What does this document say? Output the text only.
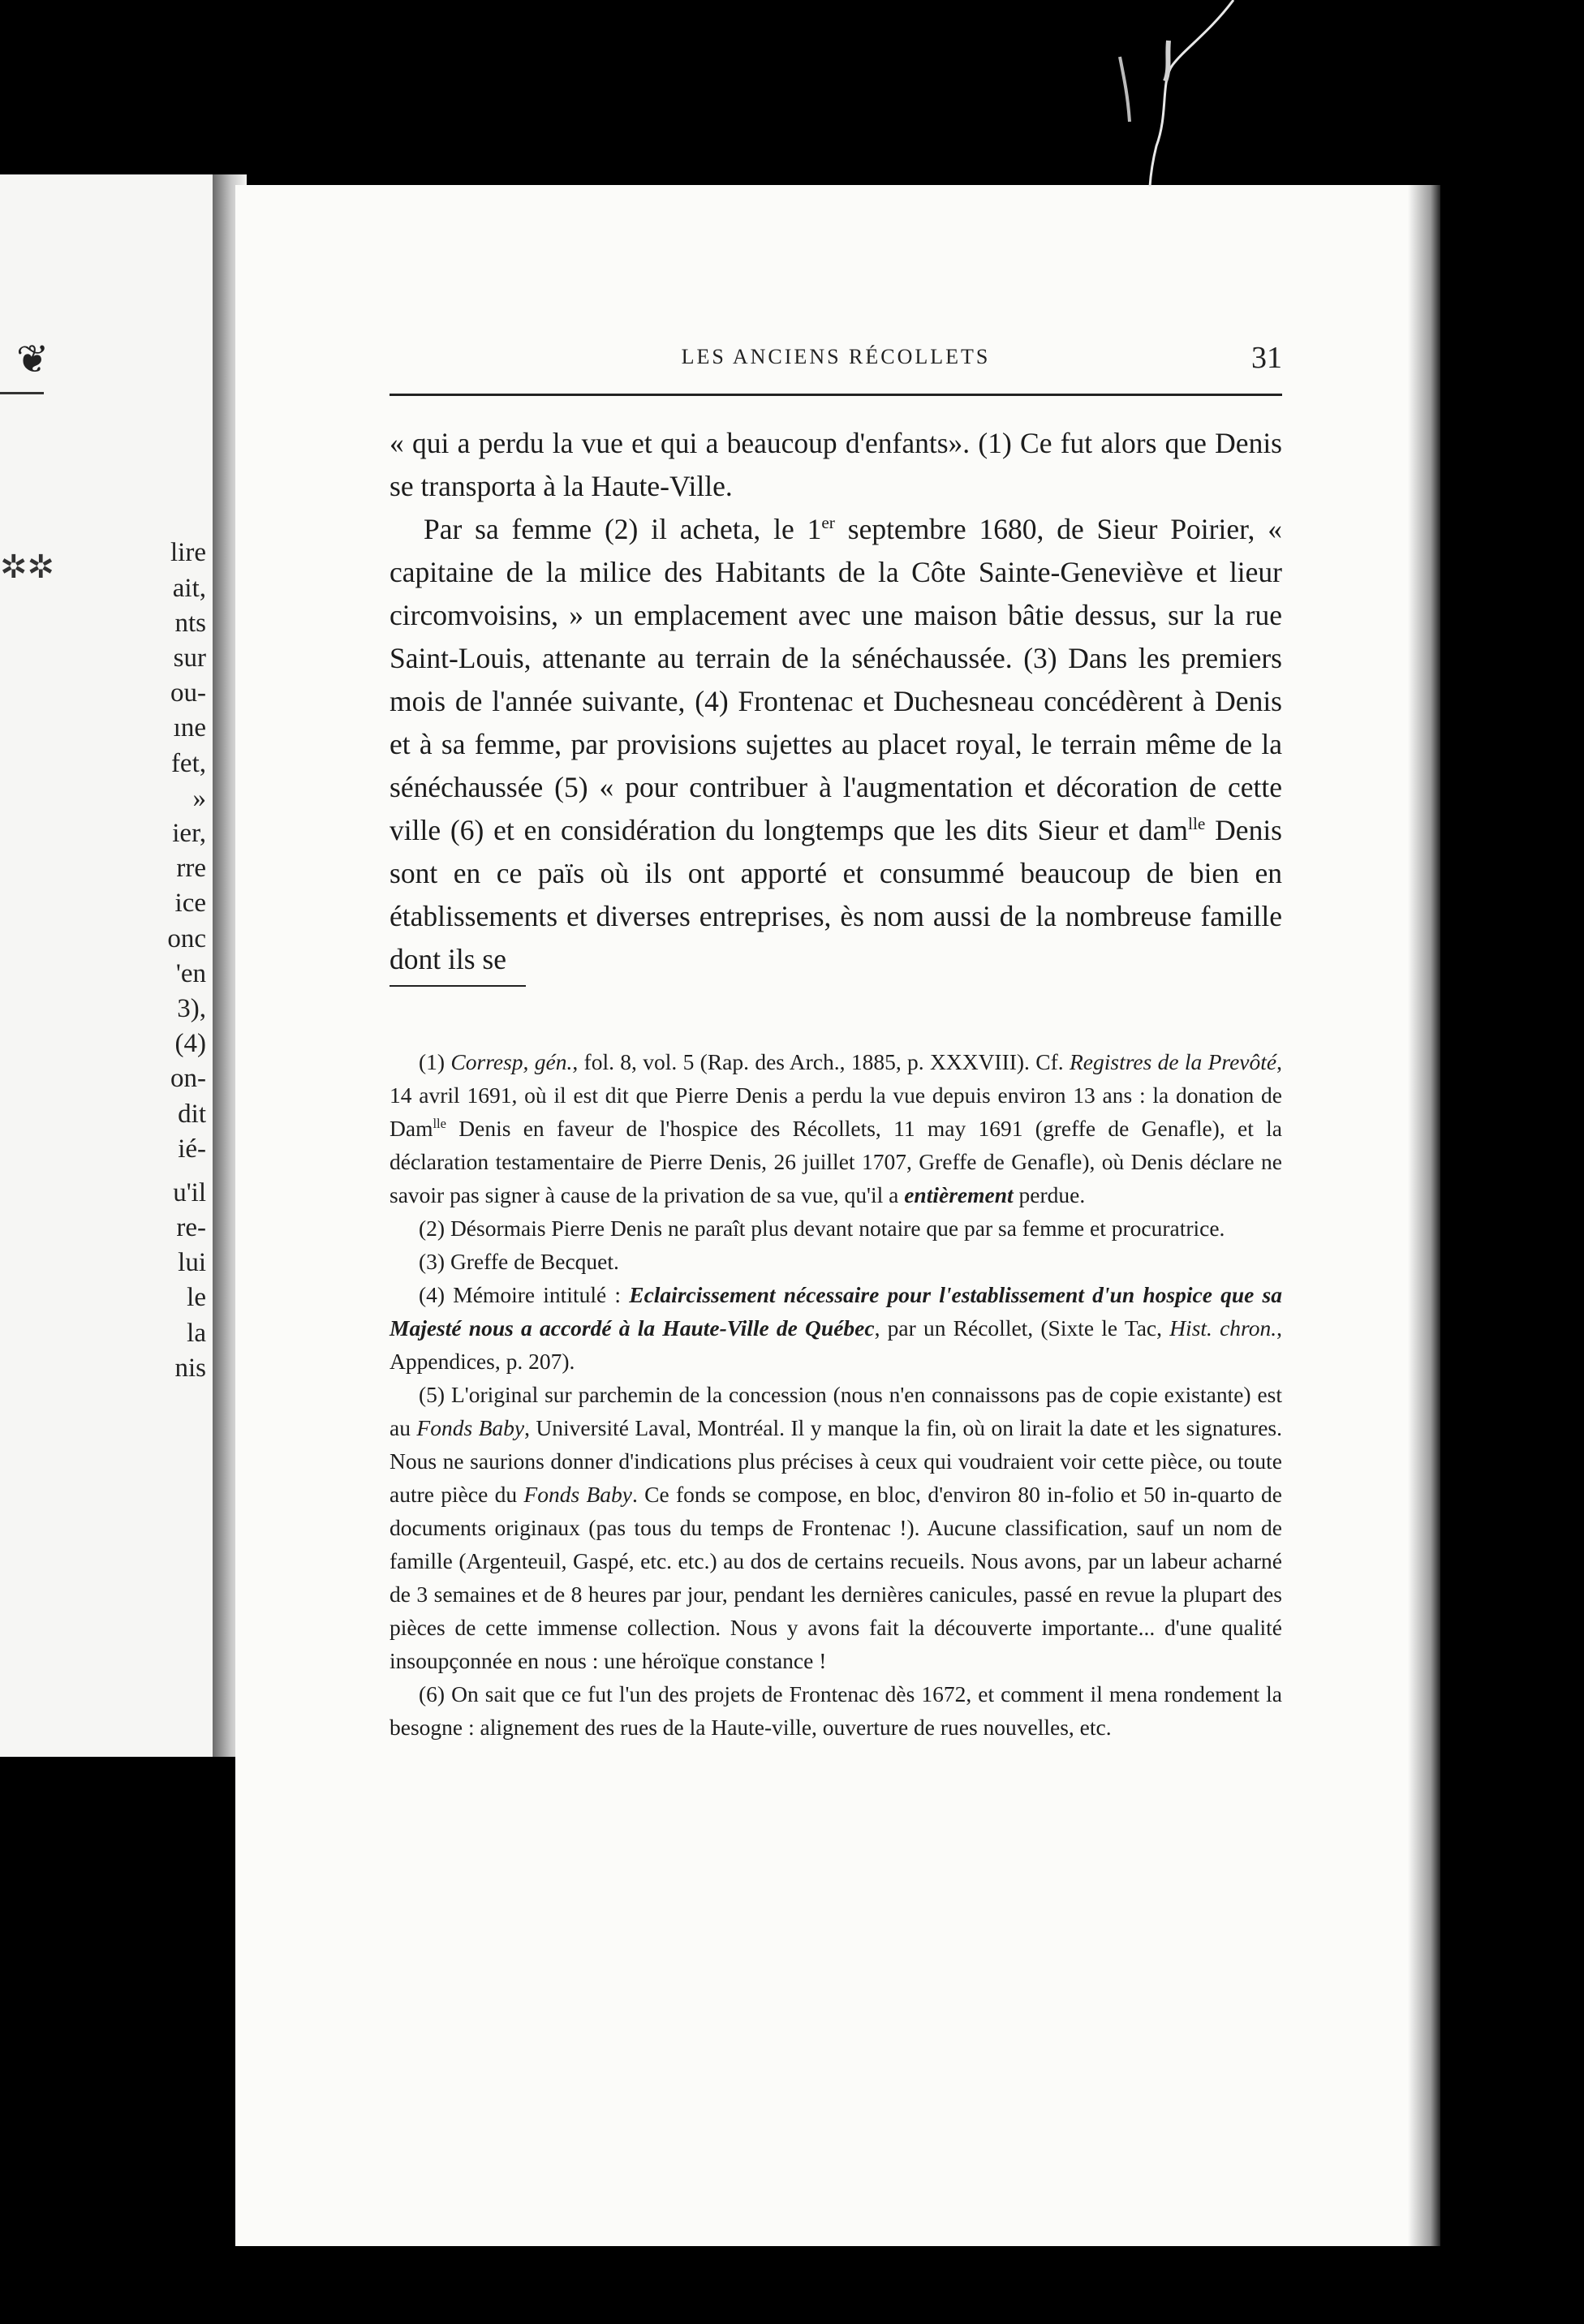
❦
✲✲	lire
ait,
nts
sur
ou-
ıne
fet,
»
ier,
rre
ice
onc
'en
3),
(4)
on-
dit
ié-
u'il
re-
lui
le
la
nis
LES ANCIENS RÉCOLLETS	31

« qui a perdu la vue et qui a beaucoup d'enfants». (1) Ce fut alors que Denis se transporta à la Haute-Ville.

Par sa femme (2) il acheta, le 1er septembre 1680, de Sieur Poirier, « capitaine de la milice des Habitants de la Côte Sainte-Geneviève et lieur circomvoisins, » un emplacement avec une maison bâtie dessus, sur la rue Saint-Louis, attenante au terrain de la sénéchaussée. (3) Dans les premiers mois de l'année suivante, (4) Frontenac et Duchesneau concédèrent à Denis et à sa femme, par provisions sujettes au placet royal, le terrain même de la sénéchaussée (5) « pour contribuer à l'augmentation et décoration de cette ville (6) et en considération du longtemps que les dits Sieur et dam$^{lle}$ Denis sont en ce païs où ils ont apporté et consummé beaucoup de bien en établissements et diverses entreprises, ès nom aussi de la nombreuse famille dont ils se

(1) Corresp, gén., fol. 8, vol. 5 (Rap. des Arch., 1885, p. XXXVIII). Cf. Registres de la Prevôté, 14 avril 1691, où il est dit que Pierre Denis a perdu la vue depuis environ 13 ans : la donation de Dam$^{lle}$ Denis en faveur de l'hospice des Récollets, 11 may 1691 (greffe de Genafle), et la déclaration testamentaire de Pierre Denis, 26 juillet 1707, Greffe de Genafle), où Denis déclare ne savoir pas signer à cause de la privation de sa vue, qu'il a entièrement perdue.

(2) Désormais Pierre Denis ne paraît plus devant notaire que par sa femme et procuratrice.

(3) Greffe de Becquet.

(4) Mémoire intitulé : Eclaircissement nécessaire pour l'establissement d'un hospice que sa Majesté nous a accordé à la Haute-Ville de Québec, par un Récollet, (Sixte le Tac, Hist. chron., Appendices, p. 207).

(5) L'original sur parchemin de la concession (nous n'en connaissons pas de copie existante) est au Fonds Baby, Université Laval, Montréal. Il y manque la fin, où on lirait la date et les signatures. Nous ne saurions donner d'indications plus précises à ceux qui voudraient voir cette pièce, ou toute autre pièce du Fonds Baby. Ce fonds se compose, en bloc, d'environ 80 in-folio et 50 in-quarto de documents originaux (pas tous du temps de Frontenac !). Aucune classification, sauf un nom de famille (Argenteuil, Gaspé, etc. etc.) au dos de certains recueils. Nous avons, par un labeur acharné de 3 semaines et de 8 heures par jour, pendant les dernières canicules, passé en revue la plupart des pièces de cette immense collection. Nous y avons fait la découverte importante... d'une qualité insoupçonnée en nous : une héroïque constance !

(6) On sait que ce fut l'un des projets de Frontenac dès 1672, et comment il mena rondement la besogne : alignement des rues de la Haute-ville, ouverture de rues nouvelles, etc.
